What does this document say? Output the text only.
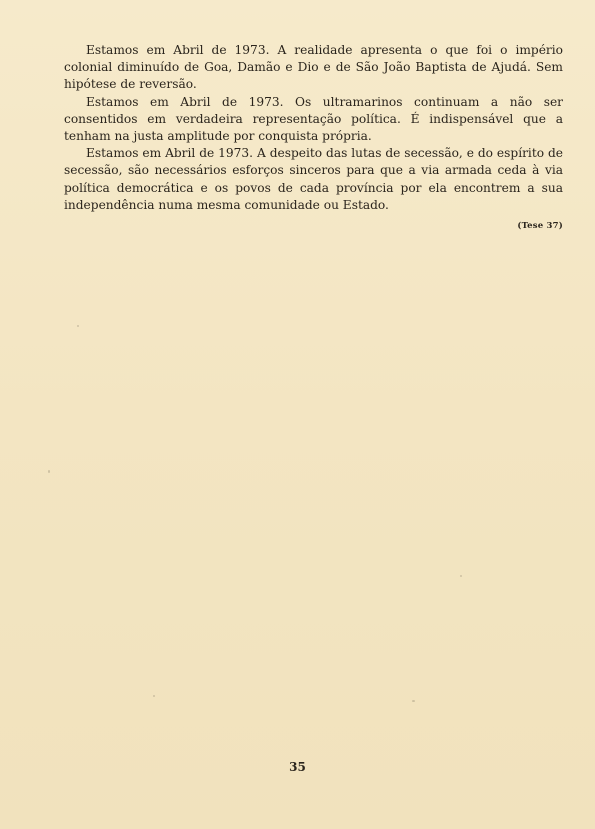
Estamos em Abril de 1973. A realidade apresenta o que foi o império colonial diminuído de Goa, Damão e Dio e de São João Baptista de Ajudá. Sem hipótese de reversão.

Estamos em Abril de 1973. Os ultramarinos continuam a não ser consentidos em verdadeira representação política. É indispensável que a tenham na justa amplitude por conquista própria.

Estamos em Abril de 1973. A despeito das lutas de secessão, e do espírito de secessão, são necessários esforços sinceros para que a via armada ceda à via política democrática e os povos de cada província por ela encontrem a sua independência numa mesma comunidade ou Estado.

(Tese 37)
35
